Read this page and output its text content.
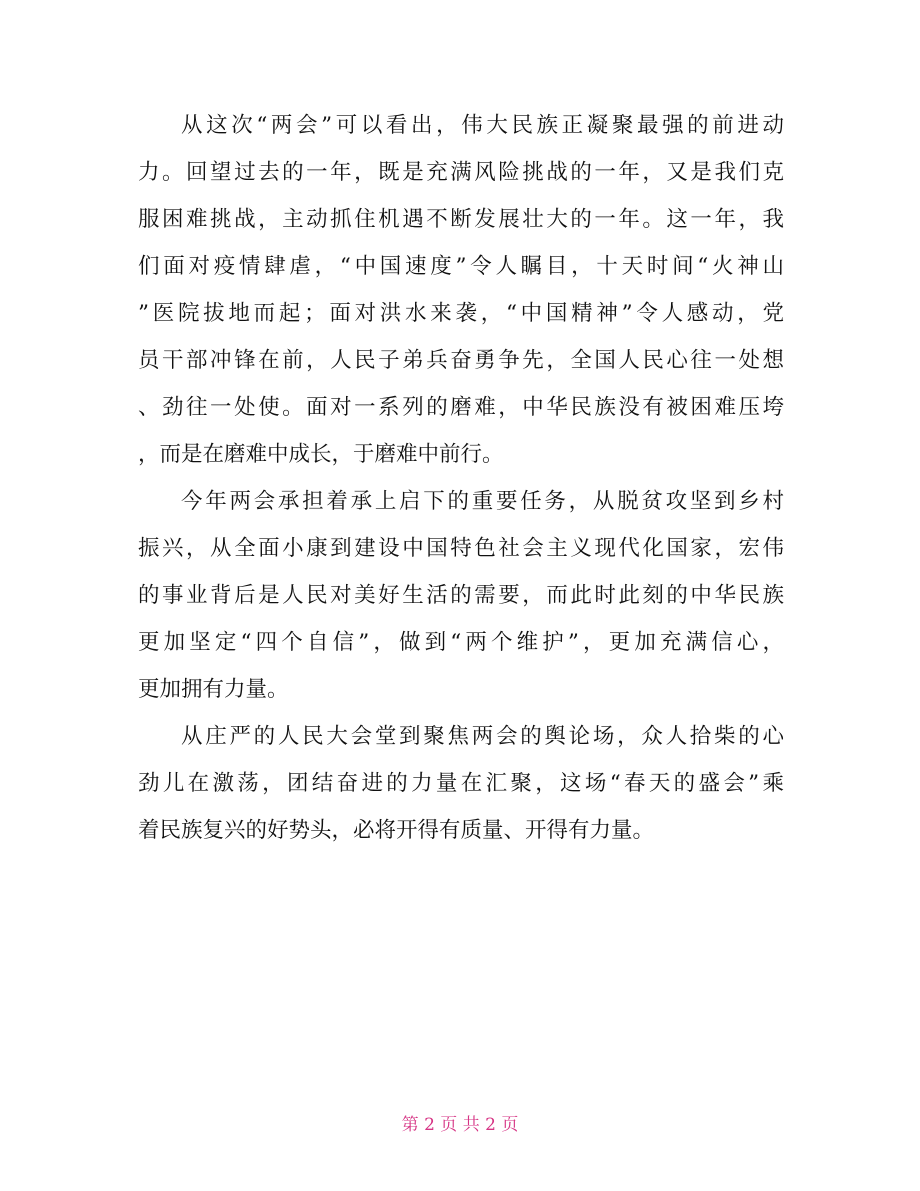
从这次“两会”可以看出，伟大民族正凝聚最强的前进动
力。回望过去的一年，既是充满风险挑战的一年，又是我们克
服困难挑战，主动抓住机遇不断发展壮大的一年。这一年，我
们面对疫情肆虐，“中国速度”令人瞩目，十天时间“火神山
”医院拔地而起；面对洪水来袭，“中国精神”令人感动，党
员干部冲锋在前，人民子弟兵奋勇争先，全国人民心往一处想
、劲往一处使。面对一系列的磨难，中华民族没有被困难压垮
，而是在磨难中成长，于磨难中前行。
今年两会承担着承上启下的重要任务，从脱贫攻坚到乡村
振兴，从全面小康到建设中国特色社会主义现代化国家，宏伟
的事业背后是人民对美好生活的需要，而此时此刻的中华民族
更加坚定“四个自信”，做到“两个维护”，更加充满信心，
更加拥有力量。
从庄严的人民大会堂到聚焦两会的舆论场，众人拾柴的心
劲儿在激荡，团结奋进的力量在汇聚，这场“春天的盛会”乘
着民族复兴的好势头，必将开得有质量、开得有力量。
第 2 页 共 2 页
